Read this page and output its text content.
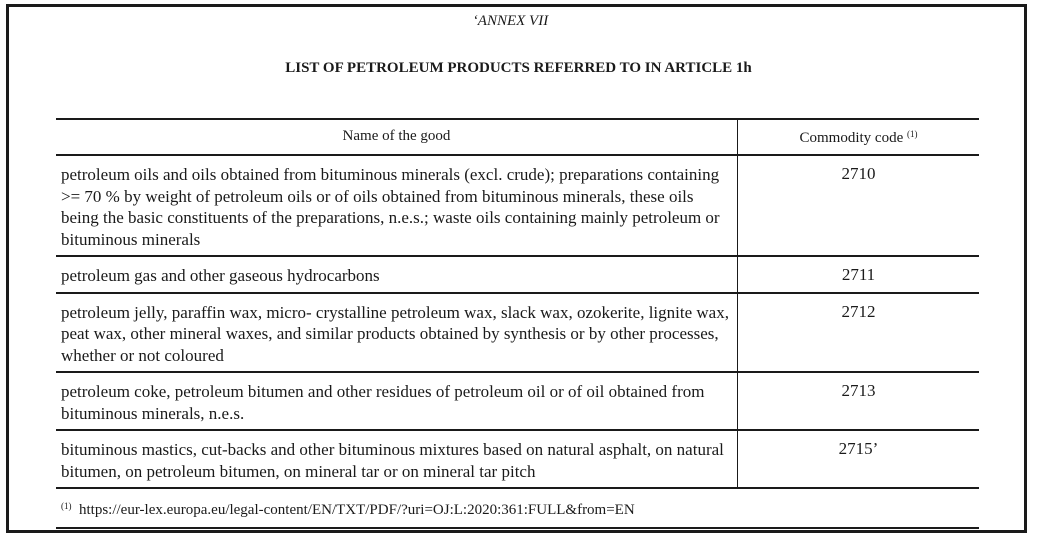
‘ANNEX VII
LIST OF PETROLEUM PRODUCTS REFERRED TO IN ARTICLE 1h
Name of the good	Commodity code $^{(1)}$
petroleum oils and oils obtained from bituminous minerals (excl. crude); preparations containing >= 70 % by weight of petroleum oils or of oils obtained from bituminous minerals, these oils being the basic constituents of the preparations, n.e.s.; waste oils containing mainly petroleum or bituminous minerals	2710
petroleum gas and other gaseous hydrocarbons	2711
petroleum jelly, paraffin wax, micro- crystalline petroleum wax, slack wax, ozokerite, lignite wax, peat wax, other mineral waxes, and similar products obtained by synthesis or by other processes, whether or not coloured	2712
petroleum coke, petroleum bitumen and other residues of petroleum oil or of oil obtained from bituminous minerals, n.e.s.	2713
bituminous mastics, cut-backs and other bituminous mixtures based on natural asphalt, on natural bitumen, on petroleum bitumen, on mineral tar or on mineral tar pitch	2715’
$^{(1)}$ https://eur-lex.europa.eu/legal-content/EN/TXT/PDF/?uri=OJ:L:2020:361:FULL&from=EN	
